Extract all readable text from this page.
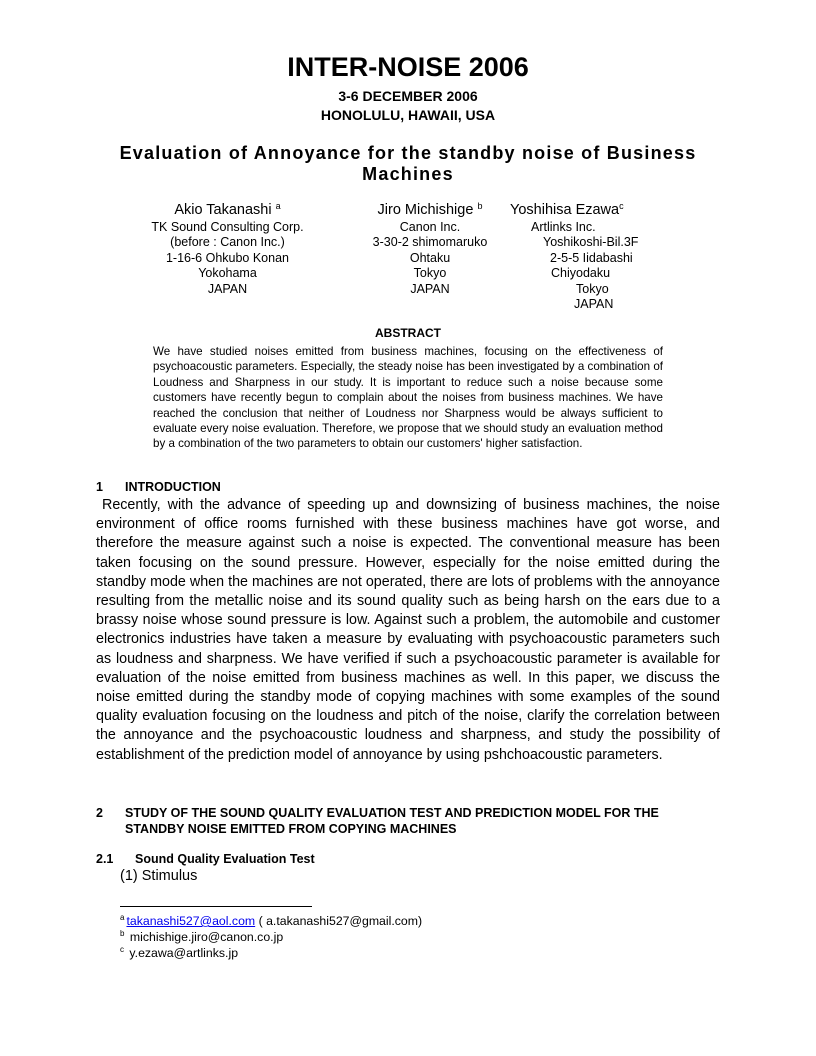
INTER-NOISE 2006
3-6 DECEMBER 2006
HONOLULU, HAWAII, USA
Evaluation of Annoyance for the standby noise of Business Machines
Akio Takanashi $^a$
TK Sound Consulting Corp.
(before : Canon Inc.)
1-16-6 Ohkubo Konan
Yokohama
JAPAN
Jiro Michishige $^b$
Canon Inc.
3-30-2 shimomaruko
Ohtaku
Tokyo
JAPAN
Yoshihisa Ezawa$^c$
Artlinks Inc.
Yoshikoshi-Bil.3F
2-5-5 Iidabashi
Chiyodaku
Tokyo
JAPAN
ABSTRACT
We have studied noises emitted from business machines, focusing on the effectiveness of psychoacoustic parameters. Especially, the steady noise has been investigated by a combination of Loudness and Sharpness in our study. It is important to reduce such a noise because some customers have recently begun to complain about the noises from business machines. We have reached the conclusion that neither of Loudness nor Sharpness would be always sufficient to evaluate every noise evaluation. Therefore, we propose that we should study an evaluation method by a combination of the two parameters to obtain our customers' higher satisfaction.
1 INTRODUCTION
Recently, with the advance of speeding up and downsizing of business machines, the noise environment of office rooms furnished with these business machines have got worse, and therefore the measure against such a noise is expected. The conventional measure has been taken focusing on the sound pressure. However, especially for the noise emitted during the standby mode when the machines are not operated, there are lots of problems with the annoyance resulting from the metallic noise and its sound quality such as being harsh on the ears due to a brassy noise whose sound pressure is low. Against such a problem, the automobile and customer electronics industries have taken a measure by evaluating with psychoacoustic parameters such as loudness and sharpness. We have verified if such a psychoacoustic parameter is available for evaluation of the noise emitted from business machines as well. In this paper, we discuss the noise emitted during the standby mode of copying machines with some examples of the sound quality evaluation focusing on the loudness and pitch of the noise, clarify the correlation between the annoyance and the psychoacoustic loudness and sharpness, and study the possibility of establishment of the prediction model of annoyance by using pshchoacoustic parameters.
2 STUDY OF THE SOUND QUALITY EVALUATION TEST AND PREDICTION MODEL FOR THE STANDBY NOISE EMITTED FROM COPYING MACHINES
2.1 Sound Quality Evaluation Test
(1) Stimulus
$^a$ takanashi527@aol.com ( a.takanashi527@gmail.com)
$^b$ michishige.jiro@canon.co.jp
$^c$ y.ezawa@artlinks.jp
